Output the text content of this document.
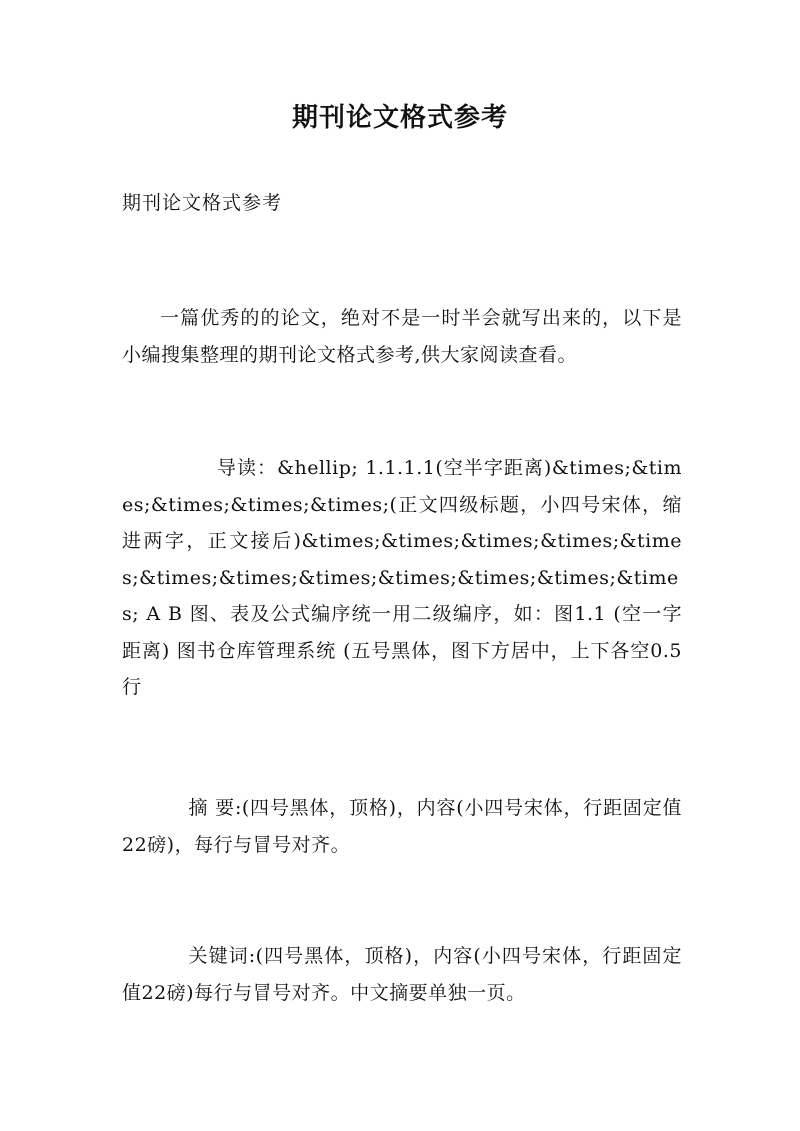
期刊论文格式参考

期刊论文格式参考

一篇优秀的的论文，绝对不是一时半会就写出来的，以下是小编搜集整理的期刊论文格式参考,供大家阅读查看。

导读：&hellip; 1.1.1.1(空半字距离)&times;&times;&times;&times;&times;(正文四级标题，小四号宋体，缩进两字，正文接后)&times;&times;&times;&times;&times;&times;&times;&times;&times;&times;&times;&times; A B 图、表及公式编序统一用二级编序，如：图1.1 (空一字距离) 图书仓库管理系统 (五号黑体，图下方居中，上下各空0.5行

摘 要:(四号黑体，顶格)，内容(小四号宋体，行距固定值22磅)，每行与冒号对齐。

关键词:(四号黑体，顶格)，内容(小四号宋体，行距固定值22磅)每行与冒号对齐。中文摘要单独一页。
